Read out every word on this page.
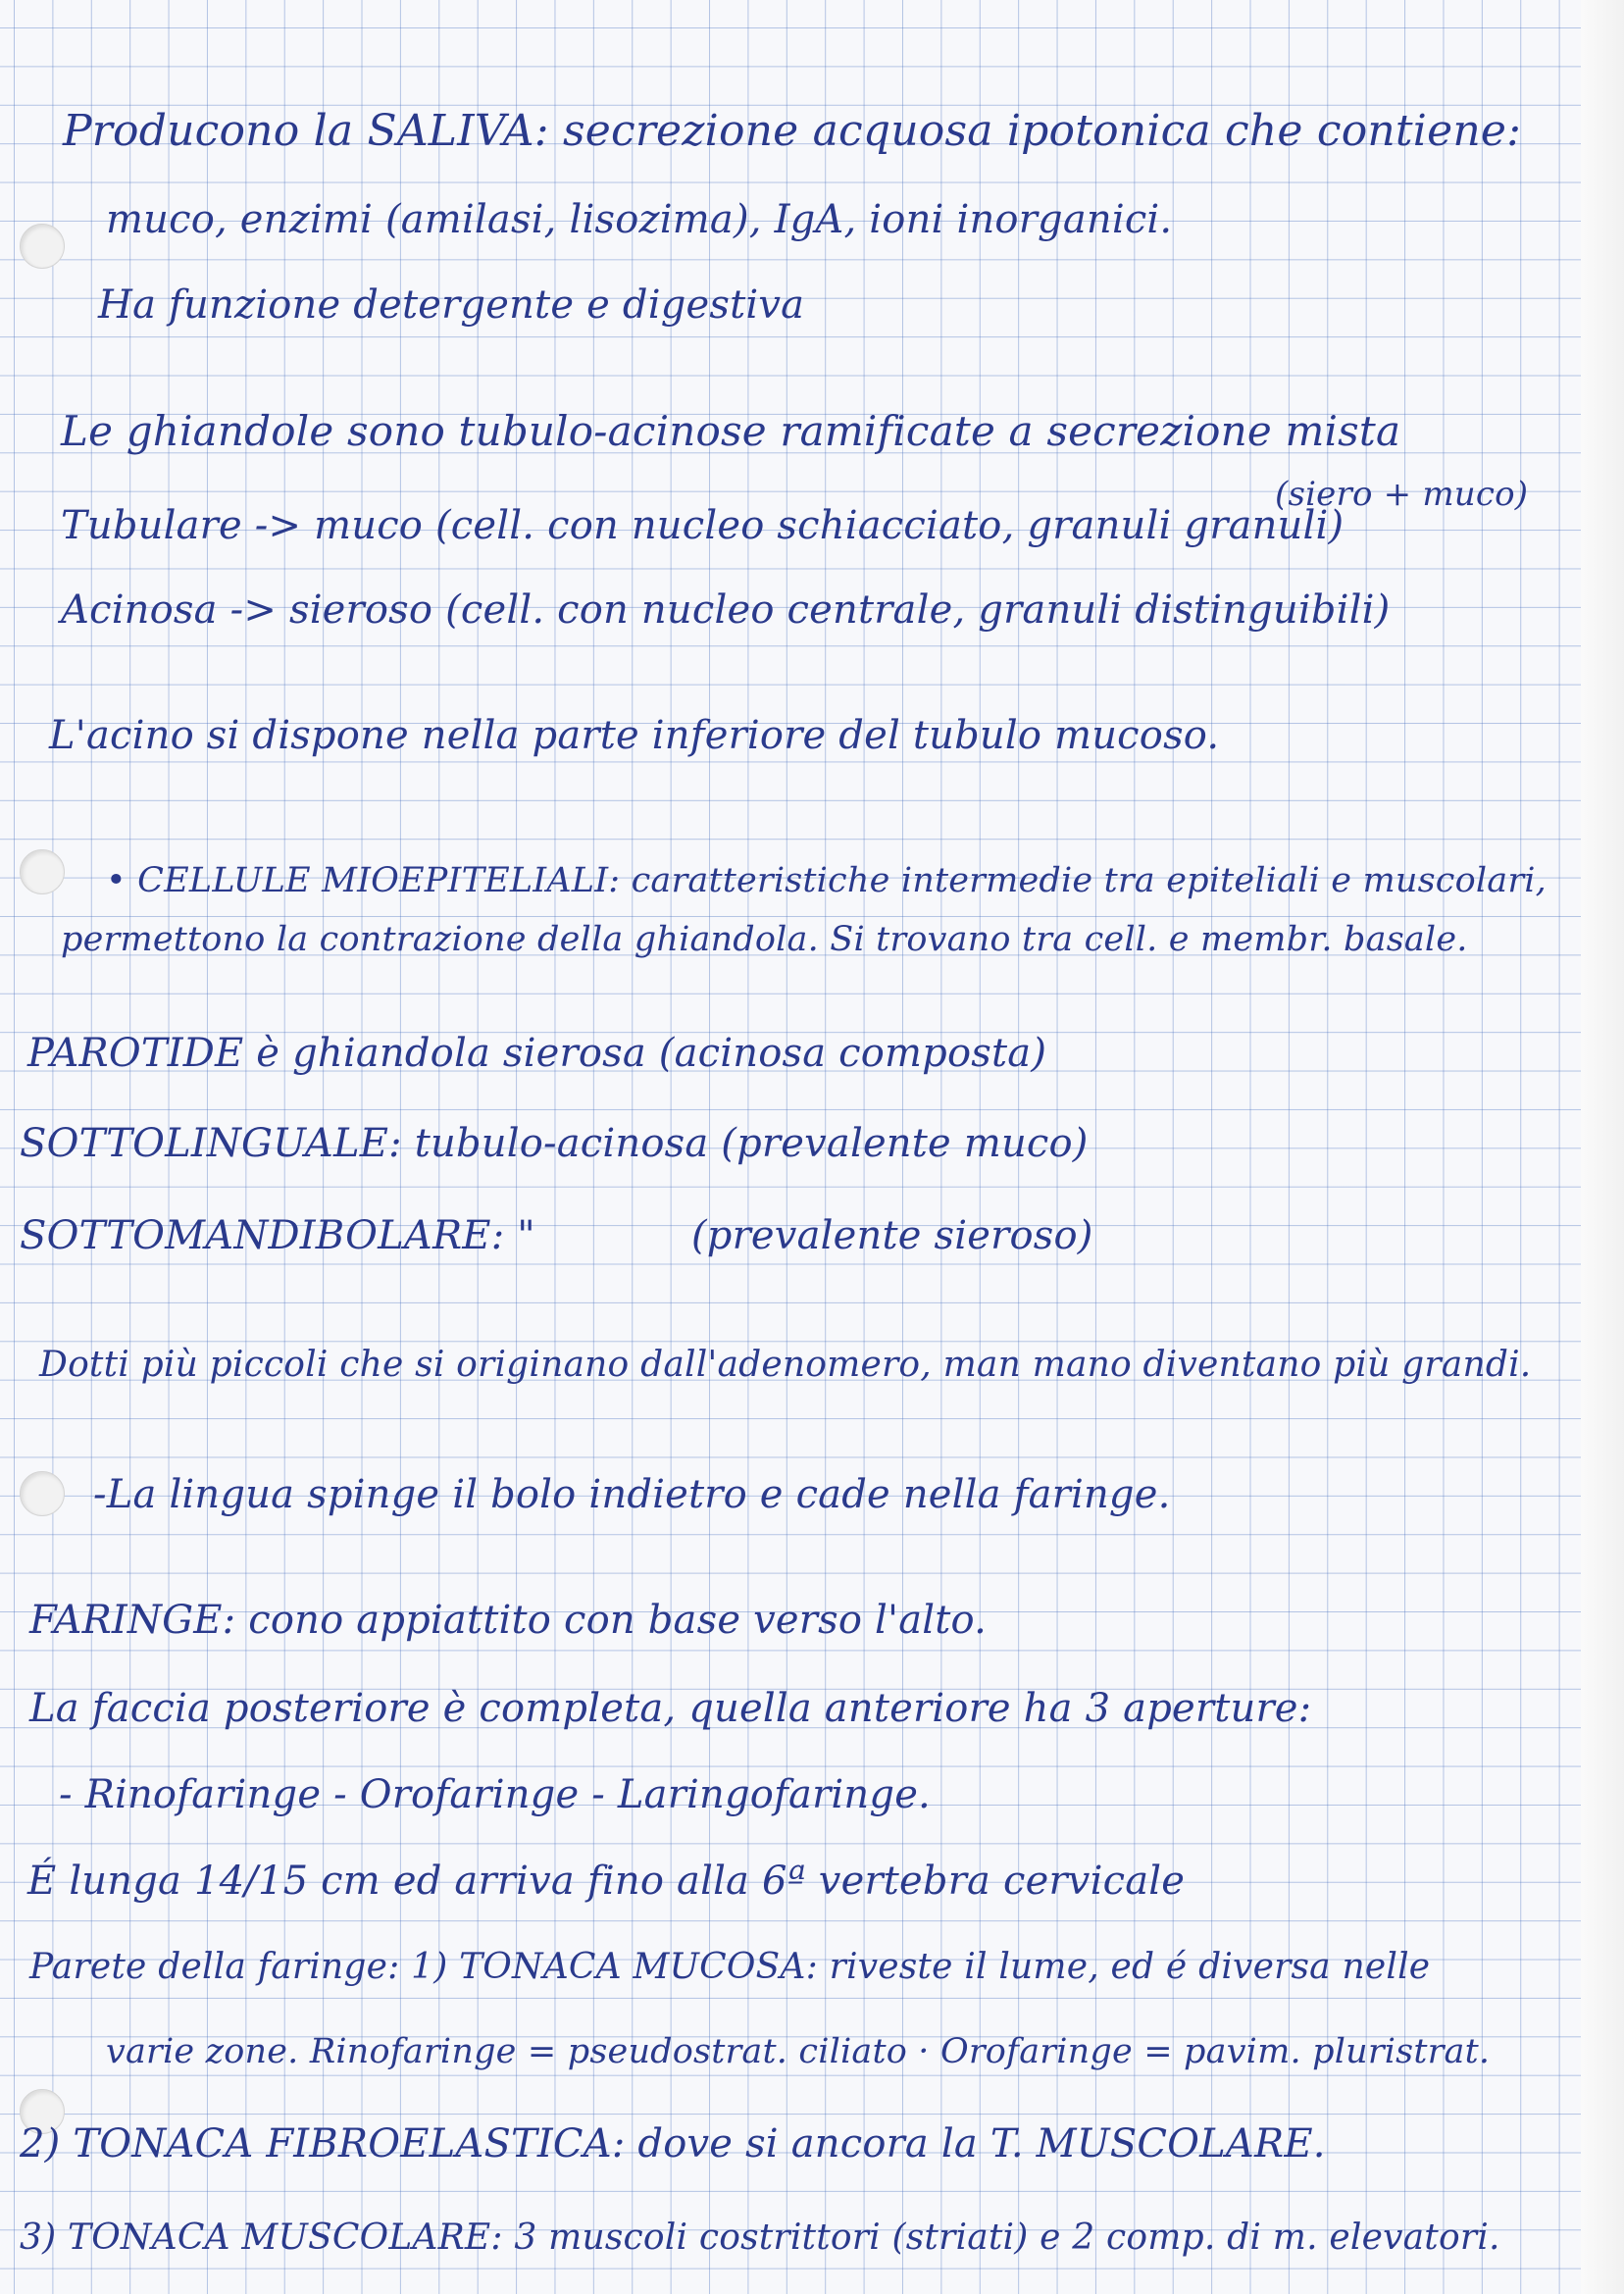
Producono la SALIVA: secrezione acquosa ipotonica che contiene:
muco, enzimi (amilasi, lisozima), IgA, ioni inorganici.
Ha funzione detergente e digestiva
Le ghiandole sono tubulo-acinose ramificate a secrezione mista
(siero + muco)
Tubulare -> muco (cell. con nucleo schiacciato, granuli granuli)
Acinosa -> sieroso (cell. con nucleo centrale, granuli distinguibili)
L'acino si dispone nella parte inferiore del tubulo mucoso.
• CELLULE MIOEPITELIALI: caratteristiche intermedie tra epiteliali e muscolari,
permettono la contrazione della ghiandola. Si trovano tra cell. e membr. basale.
PAROTIDE è ghiandola sierosa (acinosa composta)
SOTTOLINGUALE: tubulo-acinosa (prevalente muco)
SOTTOMANDIBOLARE: "	(prevalente sieroso)
Dotti più piccoli che si originano dall'adenomero, man mano diventano più grandi.
-La lingua spinge il bolo indietro e cade nella faringe.
FARINGE: cono appiattito con base verso l'alto.
La faccia posteriore è completa, quella anteriore ha 3 aperture:
- Rinofaringe - Orofaringe - Laringofaringe.
É lunga 14/15 cm ed arriva fino alla 6ª vertebra cervicale
Parete della faringe: 1) TONACA MUCOSA: riveste il lume, ed é diversa nelle
varie zone. Rinofaringe = pseudostrat. ciliato · Orofaringe = pavim. pluristrat.
2) TONACA FIBROELASTICA: dove si ancora la T. MUSCOLARE.
3) TONACA MUSCOLARE: 3 muscoli costrittori (striati) e 2 comp. di m. elevatori.
